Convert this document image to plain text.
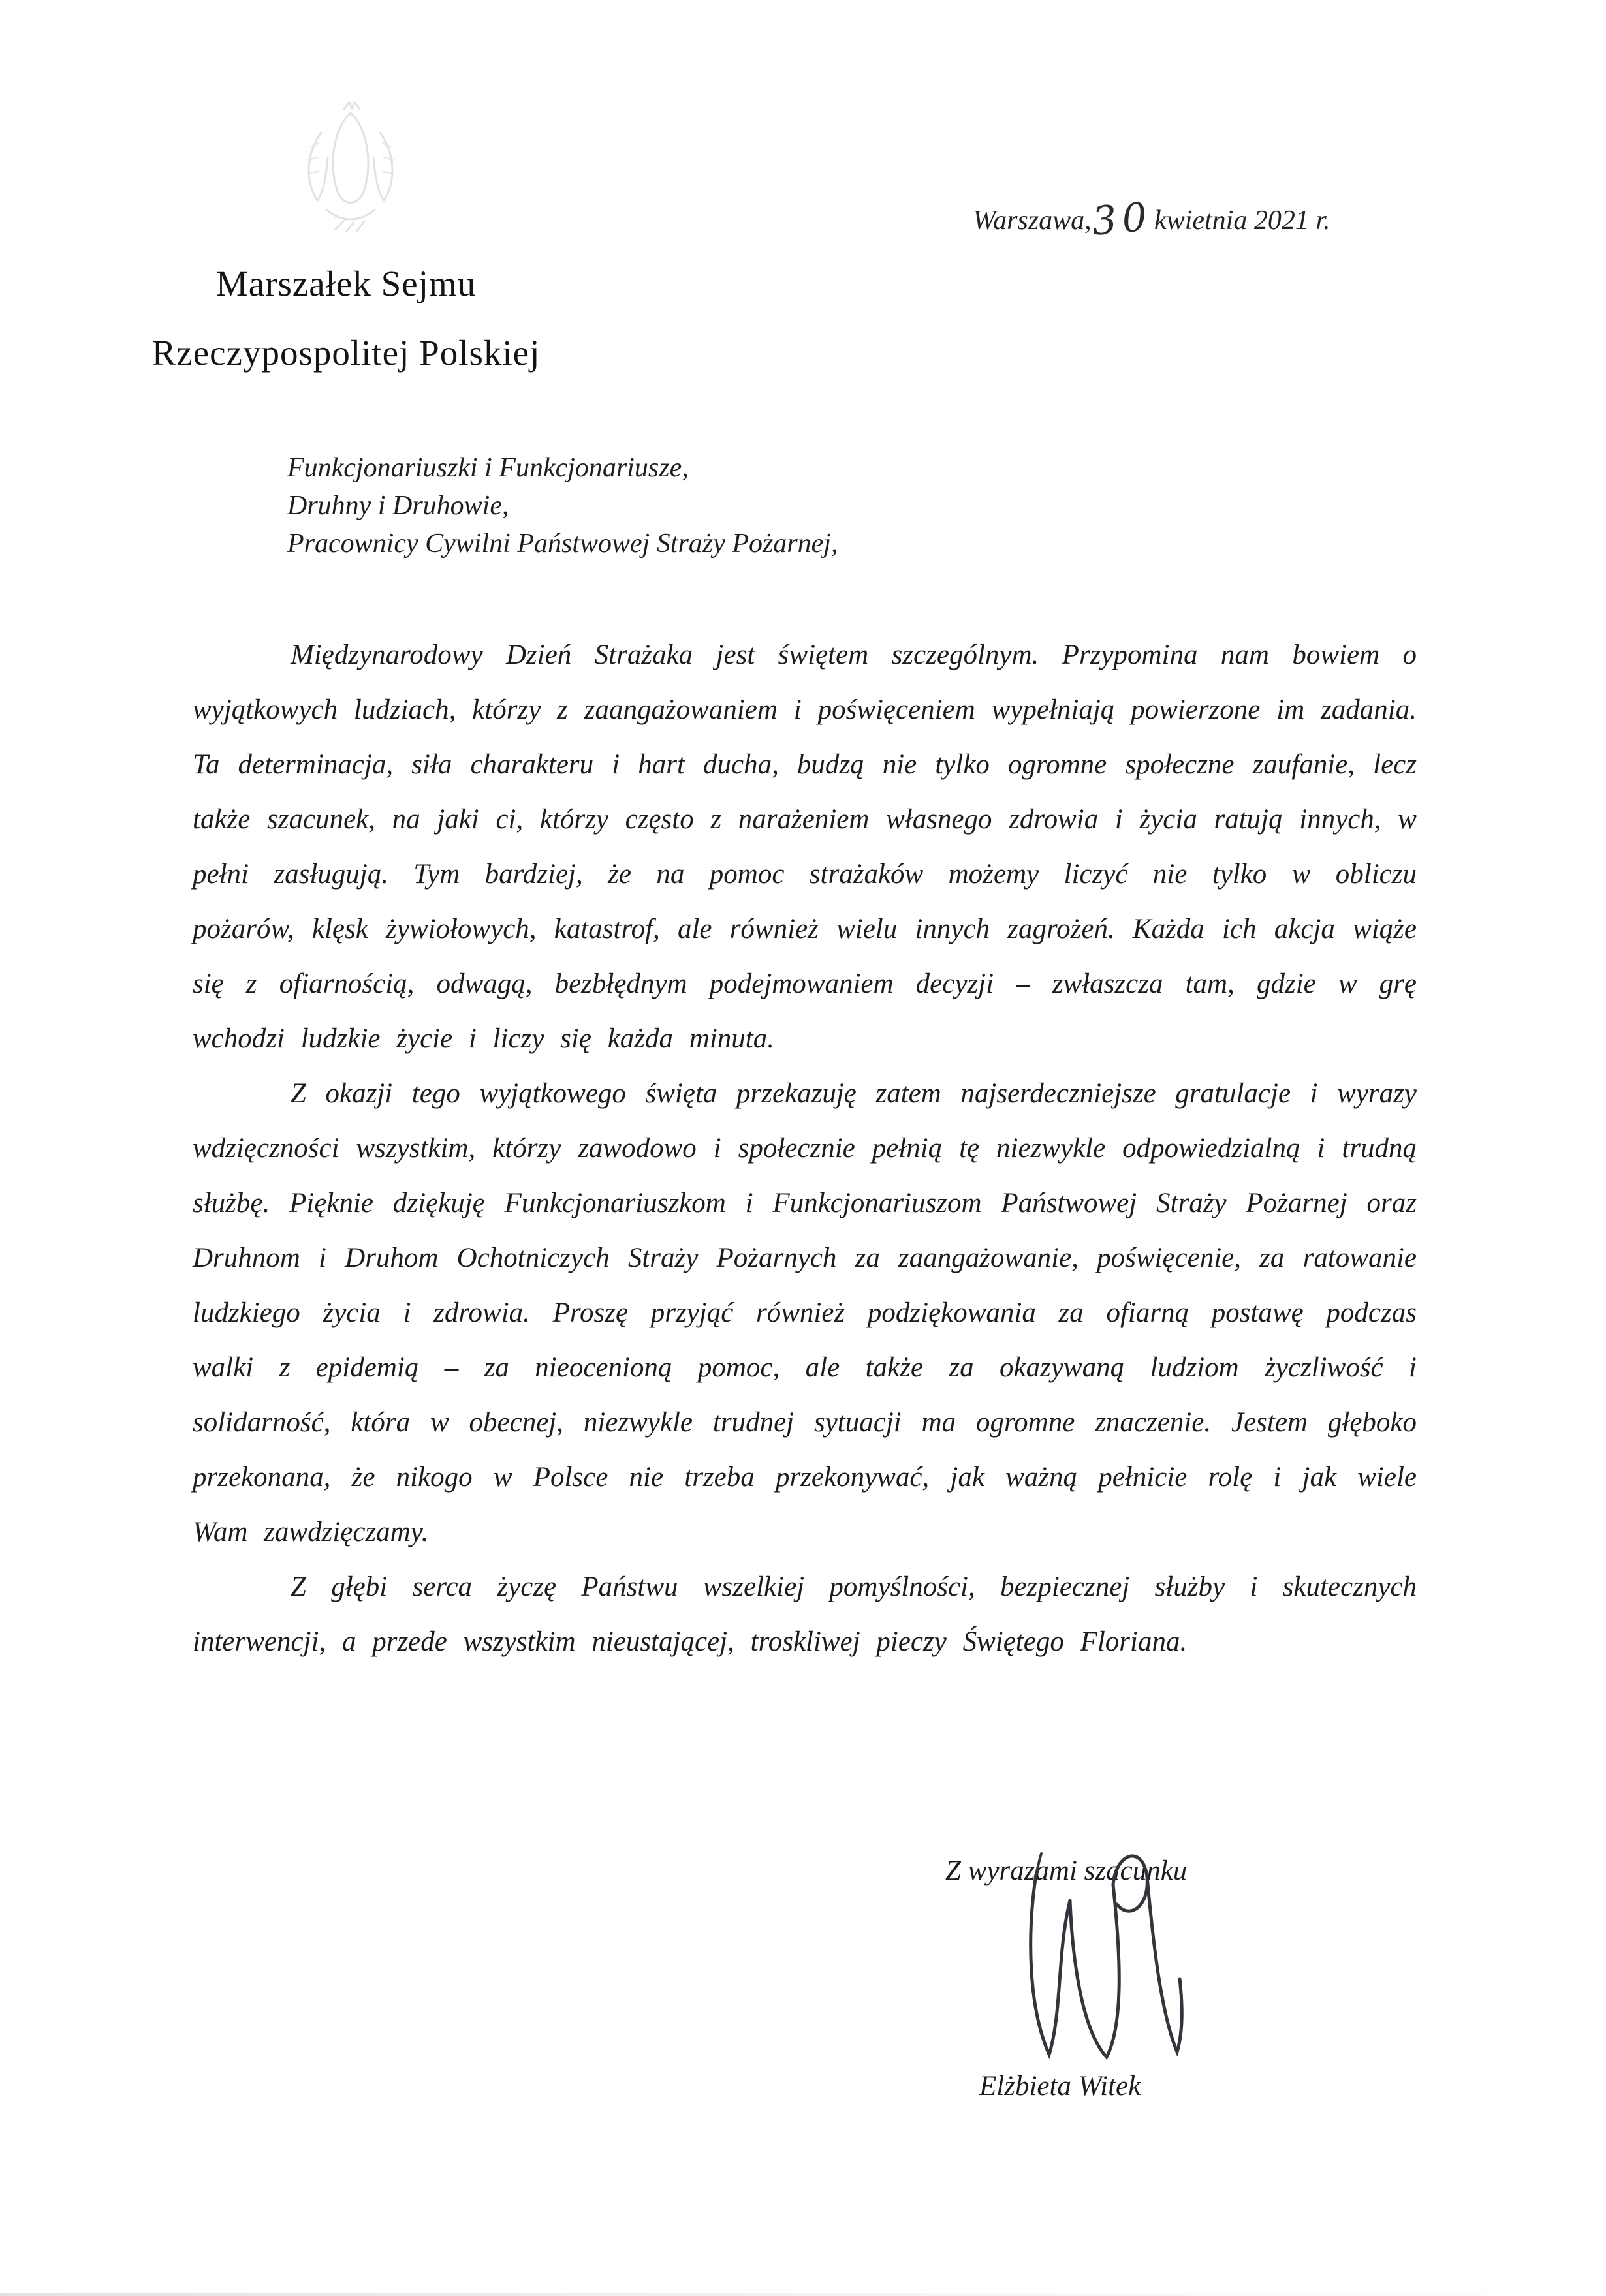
Warszawa,30kwietnia 2021 r.
Marszałek Sejmu
Rzeczypospolitej Polskiej
Funkcjonariuszki i Funkcjonariusze,
Druhny i Druhowie,
Pracownicy Cywilni Państwowej Straży Pożarnej,

Międzynarodowy Dzień Strażaka jest świętem szczególnym. Przypomina nam bowiem o wyjątkowych ludziach, którzy z zaangażowaniem i poświęceniem wypełniają powierzone im zadania. Ta determinacja, siła charakteru i hart ducha, budzą nie tylko ogromne społeczne zaufanie, lecz także szacunek, na jaki ci, którzy często z narażeniem własnego zdrowia i życia ratują innych, w pełni zasługują. Tym bardziej, że na pomoc strażaków możemy liczyć nie tylko w obliczu pożarów, klęsk żywiołowych, katastrof, ale również wielu innych zagrożeń. Każda ich akcja wiąże się z ofiarnością, odwagą, bezbłędnym podejmowaniem decyzji – zwłaszcza tam, gdzie w grę wchodzi ludzkie życie i liczy się każda minuta.

Z okazji tego wyjątkowego święta przekazuję zatem najserdeczniejsze gratulacje i wyrazy wdzięczności wszystkim, którzy zawodowo i społecznie pełnią tę niezwykle odpowiedzialną i trudną służbę. Pięknie dziękuję Funkcjonariuszkom i Funkcjonariuszom Państwowej Straży Pożarnej oraz Druhnom i Druhom Ochotniczych Straży Pożarnych za zaangażowanie, poświęcenie, za ratowanie ludzkiego życia i zdrowia. Proszę przyjąć również podziękowania za ofiarną postawę podczas walki z epidemią – za nieocenioną pomoc, ale także za okazywaną ludziom życzliwość i solidarność, która w obecnej, niezwykle trudnej sytuacji ma ogromne znaczenie. Jestem głęboko przekonana, że nikogo w Polsce nie trzeba przekonywać, jak ważną pełnicie rolę i jak wiele Wam zawdzięczamy.

Z głębi serca życzę Państwu wszelkiej pomyślności, bezpiecznej służby i skutecznych interwencji, a przede wszystkim nieustającej, troskliwej pieczy Świętego Floriana.

Z wyrazami szacunku
Elżbieta Witek
